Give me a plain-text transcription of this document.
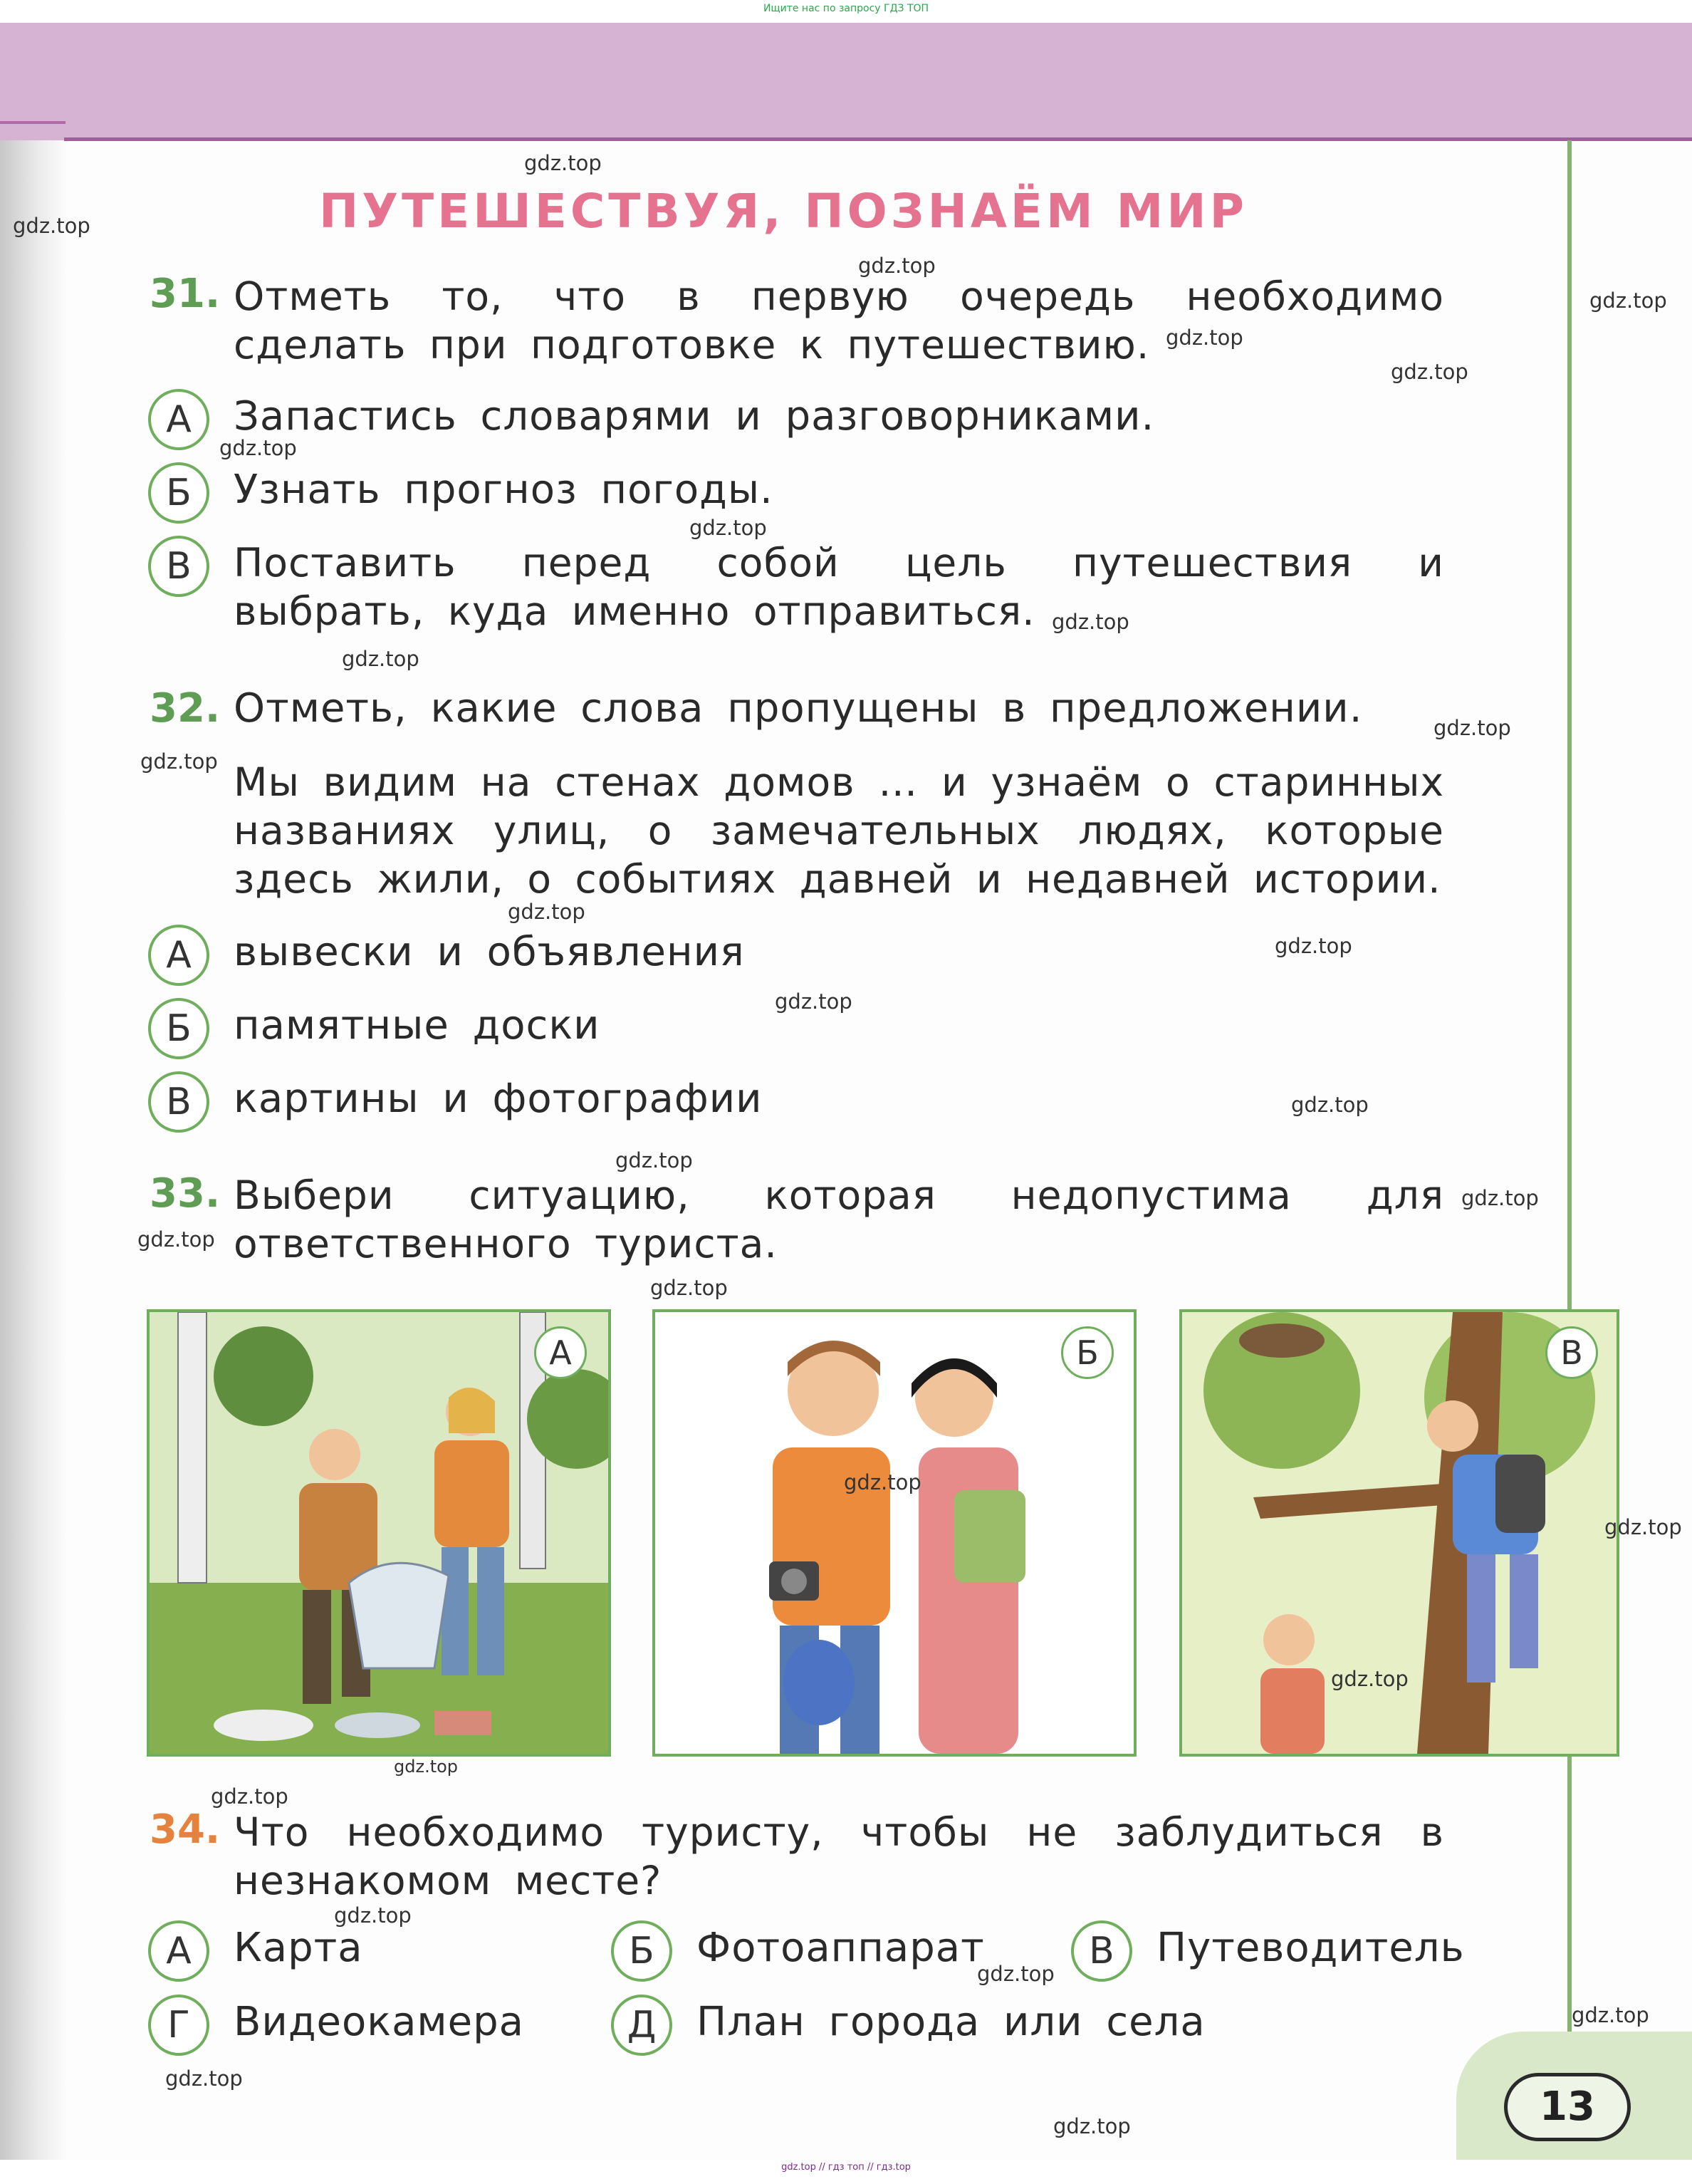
13
Ищите нас по запросу ГДЗ ТОП
gdz.top // гдз топ // гдз.top
ПУТЕШЕСТВУЯ, ПОЗНАЁМ МИР
31. Отметь то, что в первую очередь необходимо сделать при подготовке к путешествию.
А	Запастись словарями и разговорниками.
Б	Узнать прогноз погоды.
В	Поставить перед собой цель путешествия и выбрать, куда именно отправиться.
32. Отметь, какие слова пропущены в предложении.
Мы видим на стенах домов … и узнаём о старинных названиях улиц, о замечательных людях, которые здесь жили, о событиях давней и недавней истории.
А	вывески и объявления
Б	памятные доски
В	картины и фотографии
33. Выбери ситуацию, которая недопустима для ответственного туриста.
А	Б	В
34. Что необходимо туристу, чтобы не заблудиться в незнакомом месте?
А	Карта	Б	Фотоаппарат	В	Путеводитель
Г	Видеокамера	Д	План города или села
gdz.top
gdz.top
gdz.top
gdz.top
gdz.top
gdz.top
gdz.top
gdz.top
gdz.top
gdz.top
gdz.top
gdz.top
gdz.top
gdz.top
gdz.top
gdz.top
gdz.top
gdz.top
gdz.top
gdz.top
gdz.top
gdz.top
gdz.top
gdz.top
gdz.top
gdz.top
gdz.top
gdz.top
gdz.top
gdz.top
